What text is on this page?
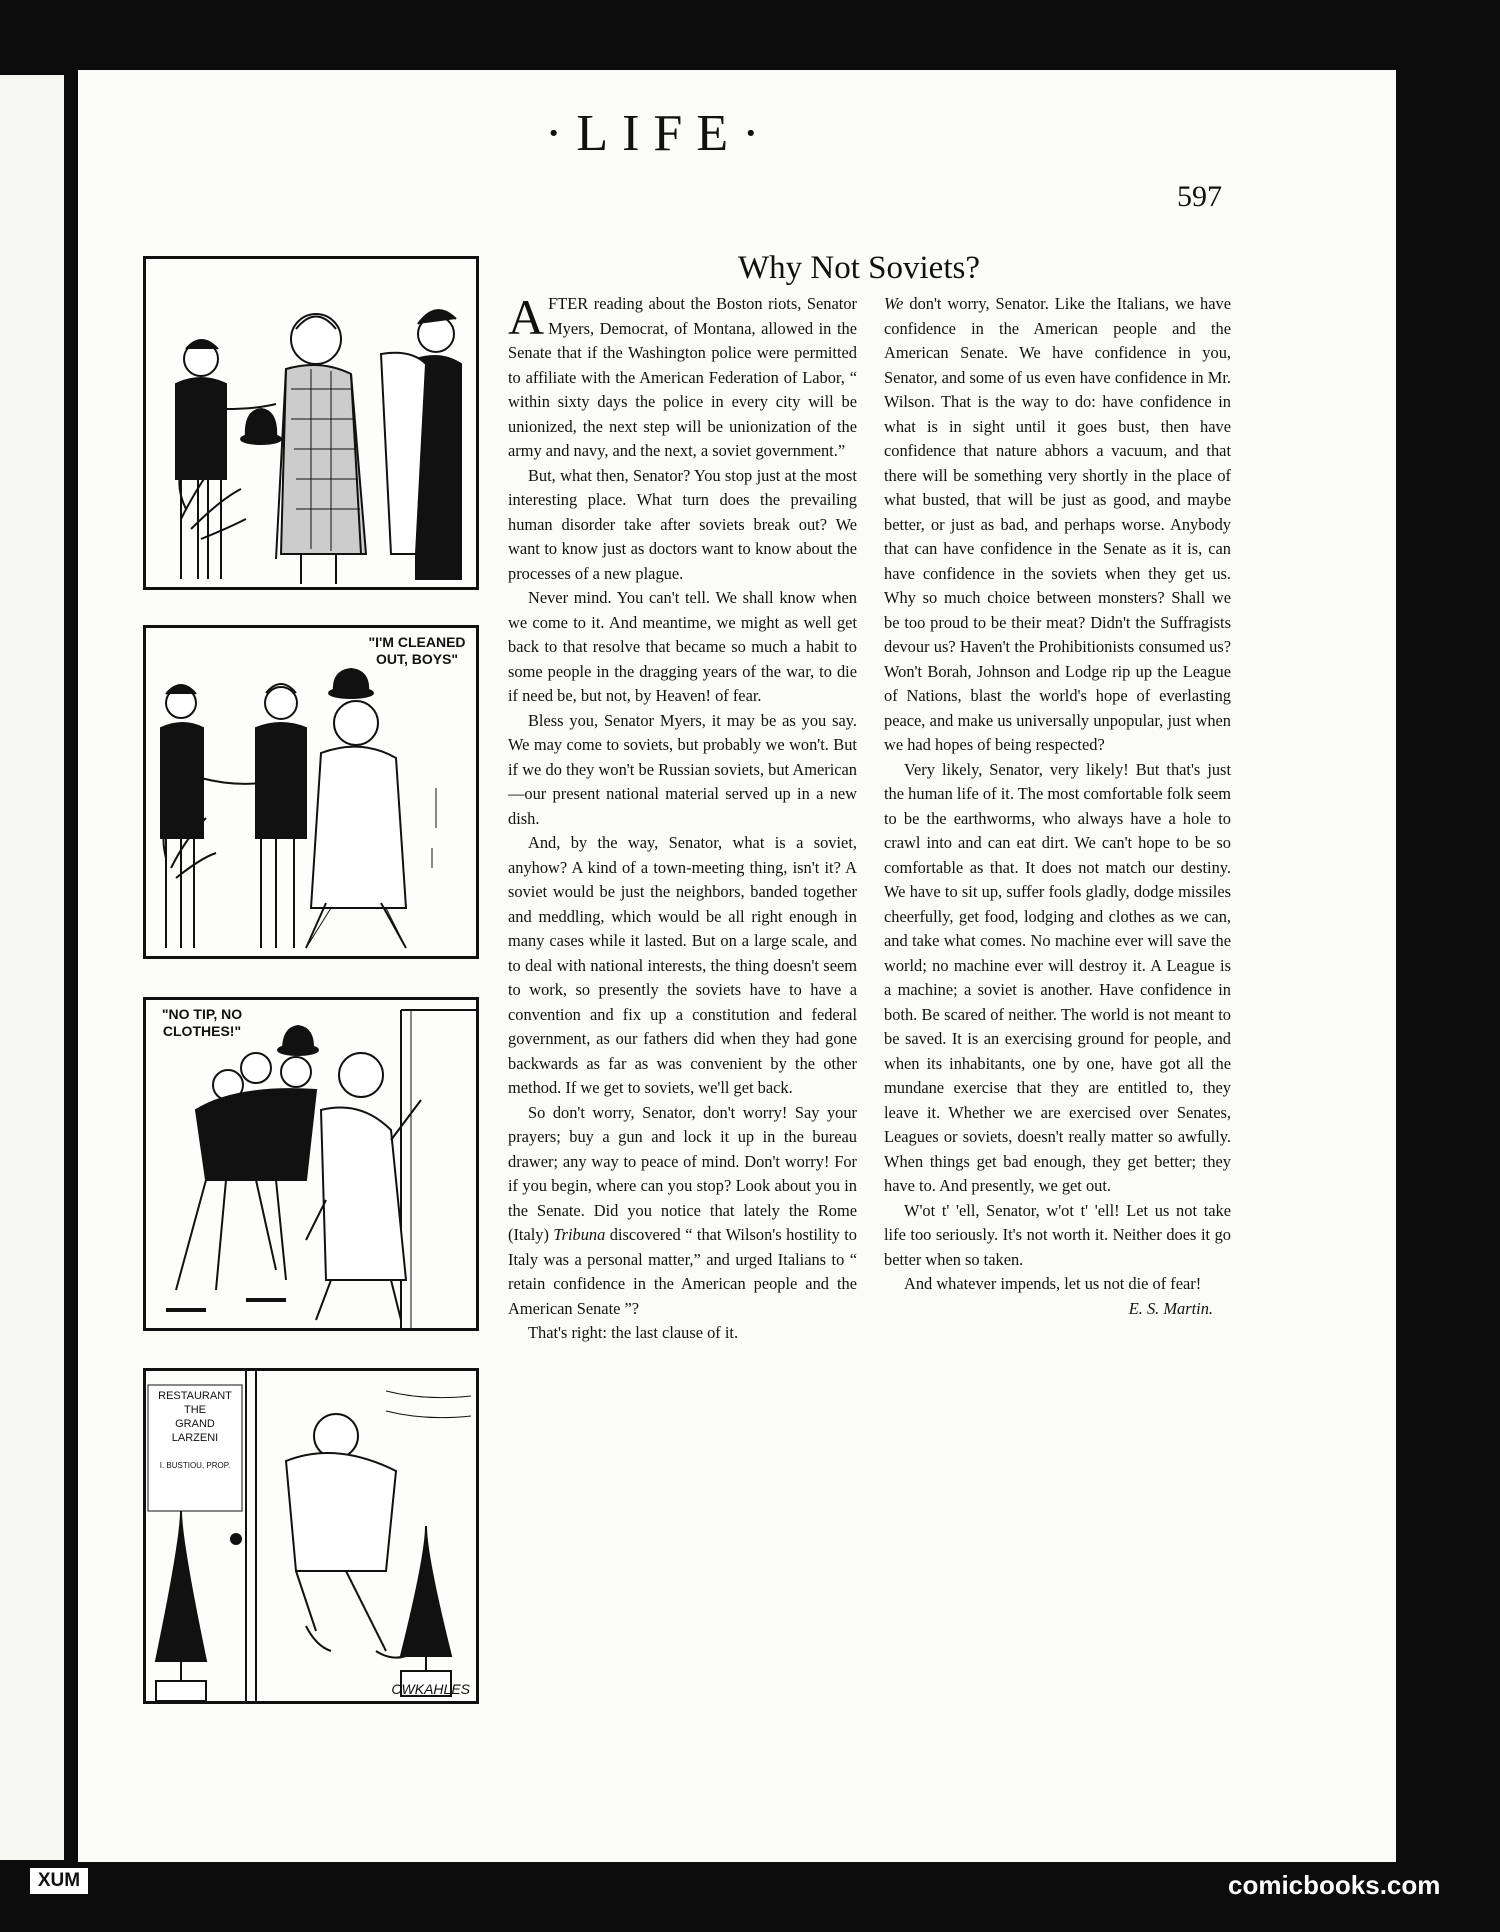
·LIFE·
597
Why Not Soviets?
"I'M CLEANED
OUT, BOYS"
"NO TIP, NO
CLOTHES!"
RESTAURANT
THE
GRAND
LARZENI
I. BUSTIOU, PROP.
CWKAHLES

AFTER reading about the Boston riots, Senator Myers, Democrat, of Montana, allowed in the Senate that if the Washington police were permitted to affiliate with the American Federation of Labor, “ within sixty days the police in every city will be unionized, the next step will be unionization of the army and navy, and the next, a soviet government.”

But, what then, Senator? You stop just at the most interesting place. What turn does the prevailing human disorder take after soviets break out? We want to know just as doctors want to know about the processes of a new plague.

Never mind. You can't tell. We shall know when we come to it. And meantime, we might as well get back to that resolve that became so much a habit to some people in the dragging years of the war, to die if need be, but not, by Heaven! of fear.

Bless you, Senator Myers, it may be as you say. We may come to soviets, but probably we won't. But if we do they won't be Russian soviets, but American—our present national material served up in a new dish.

And, by the way, Senator, what is a soviet, anyhow? A kind of a town-meeting thing, isn't it? A soviet would be just the neighbors, banded together and meddling, which would be all right enough in many cases while it lasted. But on a large scale, and to deal with national interests, the thing doesn't seem to work, so presently the soviets have to have a convention and fix up a constitution and federal government, as our fathers did when they had gone backwards as far as was convenient by the other method. If we get to soviets, we'll get back.

So don't worry, Senator, don't worry! Say your prayers; buy a gun and lock it up in the bureau drawer; any way to peace of mind. Don't worry! For if you begin, where can you stop? Look about you in the Senate. Did you notice that lately the Rome (Italy) Tribuna discovered “ that Wilson's hostility to Italy was a personal matter,” and urged Italians to “ retain confidence in the American people and the American Senate ”?

That's right: the last clause of it.

We don't worry, Senator. Like the Italians, we have confidence in the American people and the American Senate. We have confidence in you, Senator, and some of us even have confidence in Mr. Wilson. That is the way to do: have confidence in what is in sight until it goes bust, then have confidence that nature abhors a vacuum, and that there will be something very shortly in the place of what busted, that will be just as good, and maybe better, or just as bad, and perhaps worse. Anybody that can have confidence in the Senate as it is, can have confidence in the soviets when they get us. Why so much choice between monsters? Shall we be too proud to be their meat? Didn't the Suffragists devour us? Haven't the Prohibitionists consumed us? Won't Borah, Johnson and Lodge rip up the League of Nations, blast the world's hope of everlasting peace, and make us universally unpopular, just when we had hopes of being respected?

Very likely, Senator, very likely! But that's just the human life of it. The most comfortable folk seem to be the earthworms, who always have a hole to crawl into and can eat dirt. We can't hope to be so comfortable as that. It does not match our destiny. We have to sit up, suffer fools gladly, dodge missiles cheerfully, get food, lodging and clothes as we can, and take what comes. No machine ever will save the world; no machine ever will destroy it. A League is a machine; a soviet is another. Have confidence in both. Be scared of neither. The world is not meant to be saved. It is an exercising ground for people, and when its inhabitants, one by one, have got all the mundane exercise that they are entitled to, they leave it. Whether we are exercised over Senates, Leagues or soviets, doesn't really matter so awfully. When things get bad enough, they get better; they have to. And presently, we get out.

W'ot t' 'ell, Senator, w'ot t' 'ell! Let us not take life too seriously. It's not worth it. Neither does it go better when so taken.

And whatever impends, let us not die of fear!
E. S. Martin.

XUM	comicbooks.com
